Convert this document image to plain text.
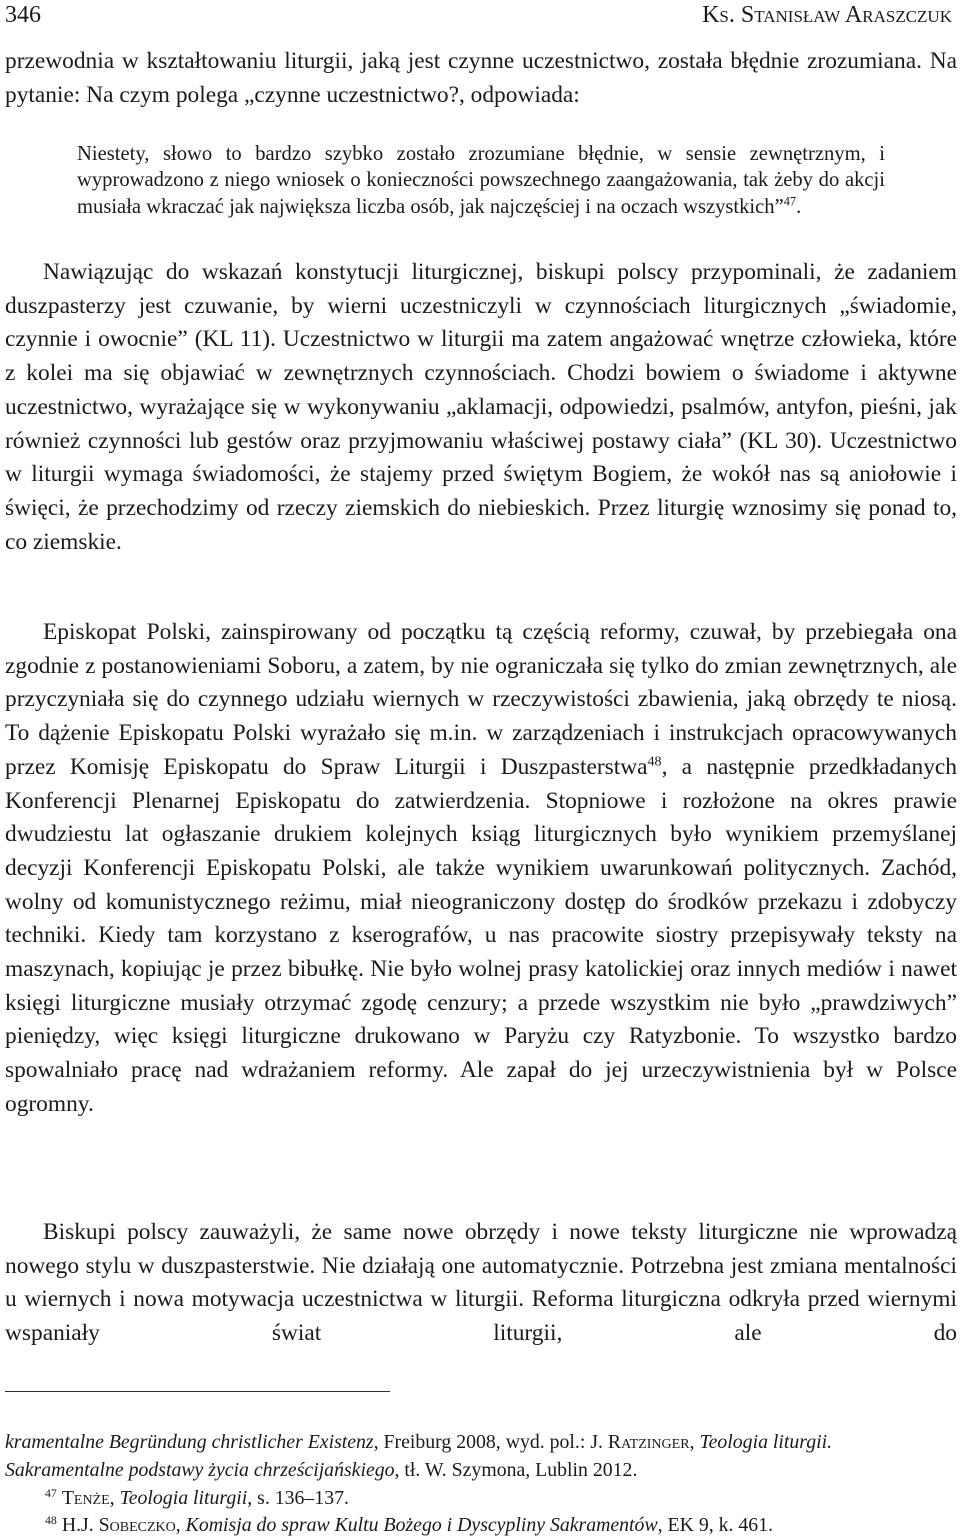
346	Ks. Stanisław Araszczuk

przewodnia w kształtowaniu liturgii, jaką jest czynne uczestnictwo, została błędnie zrozumiana. Na pytanie: Na czym polega „czynne uczestnictwo?, odpowiada:

Niestety, słowo to bardzo szybko zostało zrozumiane błędnie, w sensie zewnętrznym, i wyprowadzono z niego wniosek o konieczności powszechnego zaangażowania, tak żeby do akcji musiała wkraczać jak największa liczba osób, jak najczęściej i na oczach wszystkich”$^{47}$.

Nawiązując do wskazań konstytucji liturgicznej, biskupi polscy przypominali, że zadaniem duszpasterzy jest czuwanie, by wierni uczestniczyli w czynnościach liturgicznych „świadomie, czynnie i owocnie” (KL 11). Uczestnictwo w liturgii ma zatem angażować wnętrze człowieka, które z kolei ma się objawiać w zewnętrznych czynnościach. Chodzi bowiem o świadome i aktywne uczestnictwo, wyrażające się w wykonywaniu „aklamacji, odpowiedzi, psalmów, antyfon, pieśni, jak również czynności lub gestów oraz przyjmowaniu właściwej postawy ciała” (KL 30). Uczestnictwo w liturgii wymaga świadomości, że stajemy przed świętym Bogiem, że wokół nas są aniołowie i święci, że przechodzimy od rzeczy ziemskich do niebieskich. Przez liturgię wznosimy się ponad to, co ziemskie.

Episkopat Polski, zainspirowany od początku tą częścią reformy, czuwał, by przebiegała ona zgodnie z postanowieniami Soboru, a zatem, by nie ograniczała się tylko do zmian zewnętrznych, ale przyczyniała się do czynnego udziału wiernych w rzeczywistości zbawienia, jaką obrzędy te niosą. To dążenie Episkopatu Polski wyrażało się m.in. w zarządzeniach i instrukcjach opracowywanych przez Komisję Episkopatu do Spraw Liturgii i Duszpasterstwa$^{48}$, a następnie przedkładanych Konferencji Plenarnej Episkopatu do zatwierdzenia. Stopniowe i rozłożone na okres prawie dwudziestu lat ogłaszanie drukiem kolejnych ksiąg liturgicznych było wynikiem przemyślanej decyzji Konferencji Episkopatu Polski, ale także wynikiem uwarunkowań politycznych. Zachód, wolny od komunistycznego reżimu, miał nieograniczony dostęp do środków przekazu i zdobyczy techniki. Kiedy tam korzystano z kserografów, u nas pracowite siostry przepisywały teksty na maszynach, kopiując je przez bibułkę. Nie było wolnej prasy katolickiej oraz innych mediów i nawet księgi liturgiczne musiały otrzymać zgodę cenzury; a przede wszystkim nie było „prawdziwych” pieniędzy, więc księgi liturgiczne drukowano w Paryżu czy Ratyzbonie. To wszystko bardzo spowalniało pracę nad wdrażaniem reformy. Ale zapał do jej urzeczywistnienia był w Polsce ogromny.

Biskupi polscy zauważyli, że same nowe obrzędy i nowe teksty liturgiczne nie wprowadzą nowego stylu w duszpasterstwie. Nie działają one automatycznie. Potrzebna jest zmiana mentalności u wiernych i nowa motywacja uczestnictwa w liturgii. Reforma liturgiczna odkryła przed wiernymi wspaniały świat liturgii, ale do

kramentalne Begründung christlicher Existenz, Freiburg 2008, wyd. pol.: J. Ratzinger, Teologia liturgii. Sakramentalne podstawy życia chrześcijańskiego, tł. W. Szymona, Lublin 2012.

$^{47}$ Tenże, Teologia liturgii, s. 136–137.

$^{48}$ H.J. Sobeczko, Komisja do spraw Kultu Bożego i Dyscypliny Sakramentów, EK 9, k. 461.
